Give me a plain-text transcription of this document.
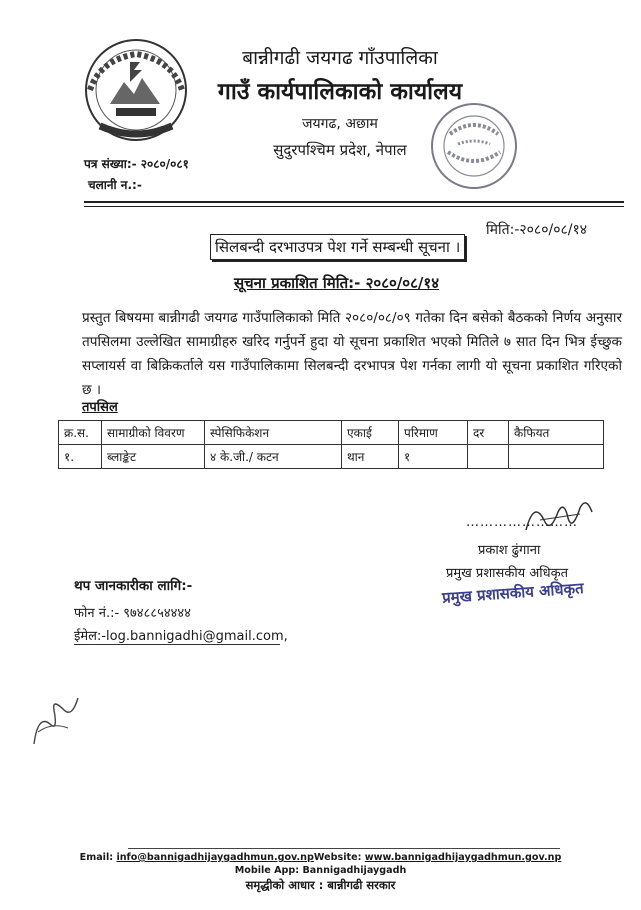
बान्नीगढी जयगढ गाँउपालिका
गाउँ कार्यपालिकाको कार्यालय
जयगढ, अछाम
सुदुरपश्चिम प्रदेश, नेपाल
पत्र संख्या:- २०८०/०८१
चलानी न.:-
मिति:-२०८०/०८/१४
सिलबन्दी दरभाउपत्र पेश गर्ने सम्बन्धी सूचना ।
सूचना प्रकाशित मिति:- २०८०/०८/१४
प्रस्तुत बिषयमा बान्नीगढी जयगढ गाउँपालिकाको मिति २०८०/०८/०९ गतेका दिन बसेको बैठकको निर्णय अनुसार तपसिलमा उल्लेखित सामाग्रीहरु खरिद गर्नुपर्ने हुदा यो सूचना प्रकाशित भएको मितिले ७ सात दिन भित्र ईच्छुक सप्लायर्स वा बिक्रिकर्ताले यस गाउँपालिकामा सिलबन्दी दरभापत्र पेश गर्नका लागी यो सूचना प्रकाशित गरिएको छ ।
तपसिल
क्र.स.	सामाग्रीको विवरण	स्पेसिफिकेशन	एकाई	परिमाण	दर	कैफियत
१.	ब्लाङ्केट	४ के.जी./ कटन	थान	१		
……………………
प्रकाश ढुंगाना
प्रमुख प्रशासकीय अधिकृत
प्रमुख प्रशासकीय अधिकृत
थप जानकारीका लागि:-
फोन नं.:- ९७४८८५४४४४
ईमेल:-log.bannigadhi@gmail.com,
Email: info@bannigadhijaygadhmun.gov.npWebsite: www.bannigadhijaygadhmun.gov.np
Mobile App: Bannigadhijaygadh
समृद्धीको आधार : बान्नीगढी सरकार
